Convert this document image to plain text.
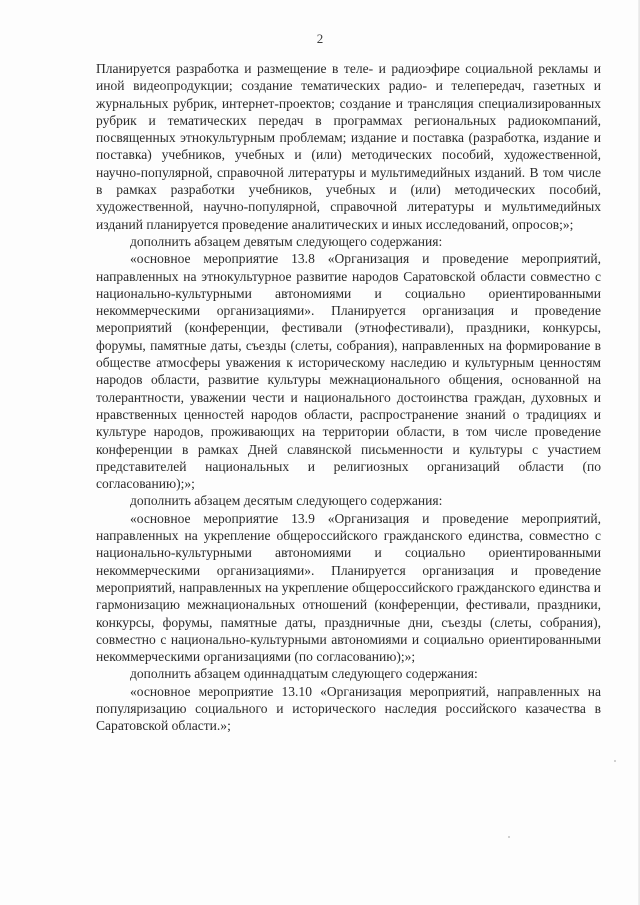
2

Планируется разработка и размещение в теле- и радиоэфире социальной рекламы и иной видеопродукции; создание тематических радио- и телепередач, газетных и журнальных рубрик, интернет-проектов; создание и трансляция специализированных рубрик и тематических передач в программах региональных радиокомпаний, посвященных этнокультурным проблемам; издание и поставка (разработка, издание и поставка) учебников, учебных и (или) методических пособий, художественной, научно-популярной, справочной литературы и мультимедийных изданий. В том числе в рамках разработки учебников, учебных и (или) методических пособий, художественной, научно-популярной, справочной литературы и мультимедийных изданий планируется проведение аналитических и иных исследований, опросов;»;

дополнить абзацем девятым следующего содержания:

«основное мероприятие 13.8 «Организация и проведение мероприятий, направленных на этнокультурное развитие народов Саратовской области совместно с национально-культурными автономиями и социально ориентированными некоммерческими организациями». Планируется организация и проведение мероприятий (конференции, фестивали (этнофестивали), праздники, конкурсы, форумы, памятные даты, съезды (слеты, собрания), направленных на формирование в обществе атмосферы уважения к историческому наследию и культурным ценностям народов области, развитие культуры межнационального общения, основанной на толерантности, уважении чести и национального достоинства граждан, духовных и нравственных ценностей народов области, распространение знаний о традициях и культуре народов, проживающих на территории области, в том числе проведение конференции в рамках Дней славянской письменности и культуры с участием представителей национальных и религиозных организаций области (по согласованию);»;

дополнить абзацем десятым следующего содержания:

«основное мероприятие 13.9 «Организация и проведение мероприятий, направленных на укрепление общероссийского гражданского единства, совместно с национально-культурными автономиями и социально ориентированными некоммерческими организациями». Планируется организация и проведение мероприятий, направленных на укрепление общероссийского гражданского единства и гармонизацию межнациональных отношений (конференции, фестивали, праздники, конкурсы, форумы, памятные даты, праздничные дни, съезды (слеты, собрания), совместно с национально-культурными автономиями и социально ориентированными некоммерческими организациями (по согласованию);»;

дополнить абзацем одиннадцатым следующего содержания:

«основное мероприятие 13.10 «Организация мероприятий, направленных на популяризацию социального и исторического наследия российского казачества в Саратовской области.»;
